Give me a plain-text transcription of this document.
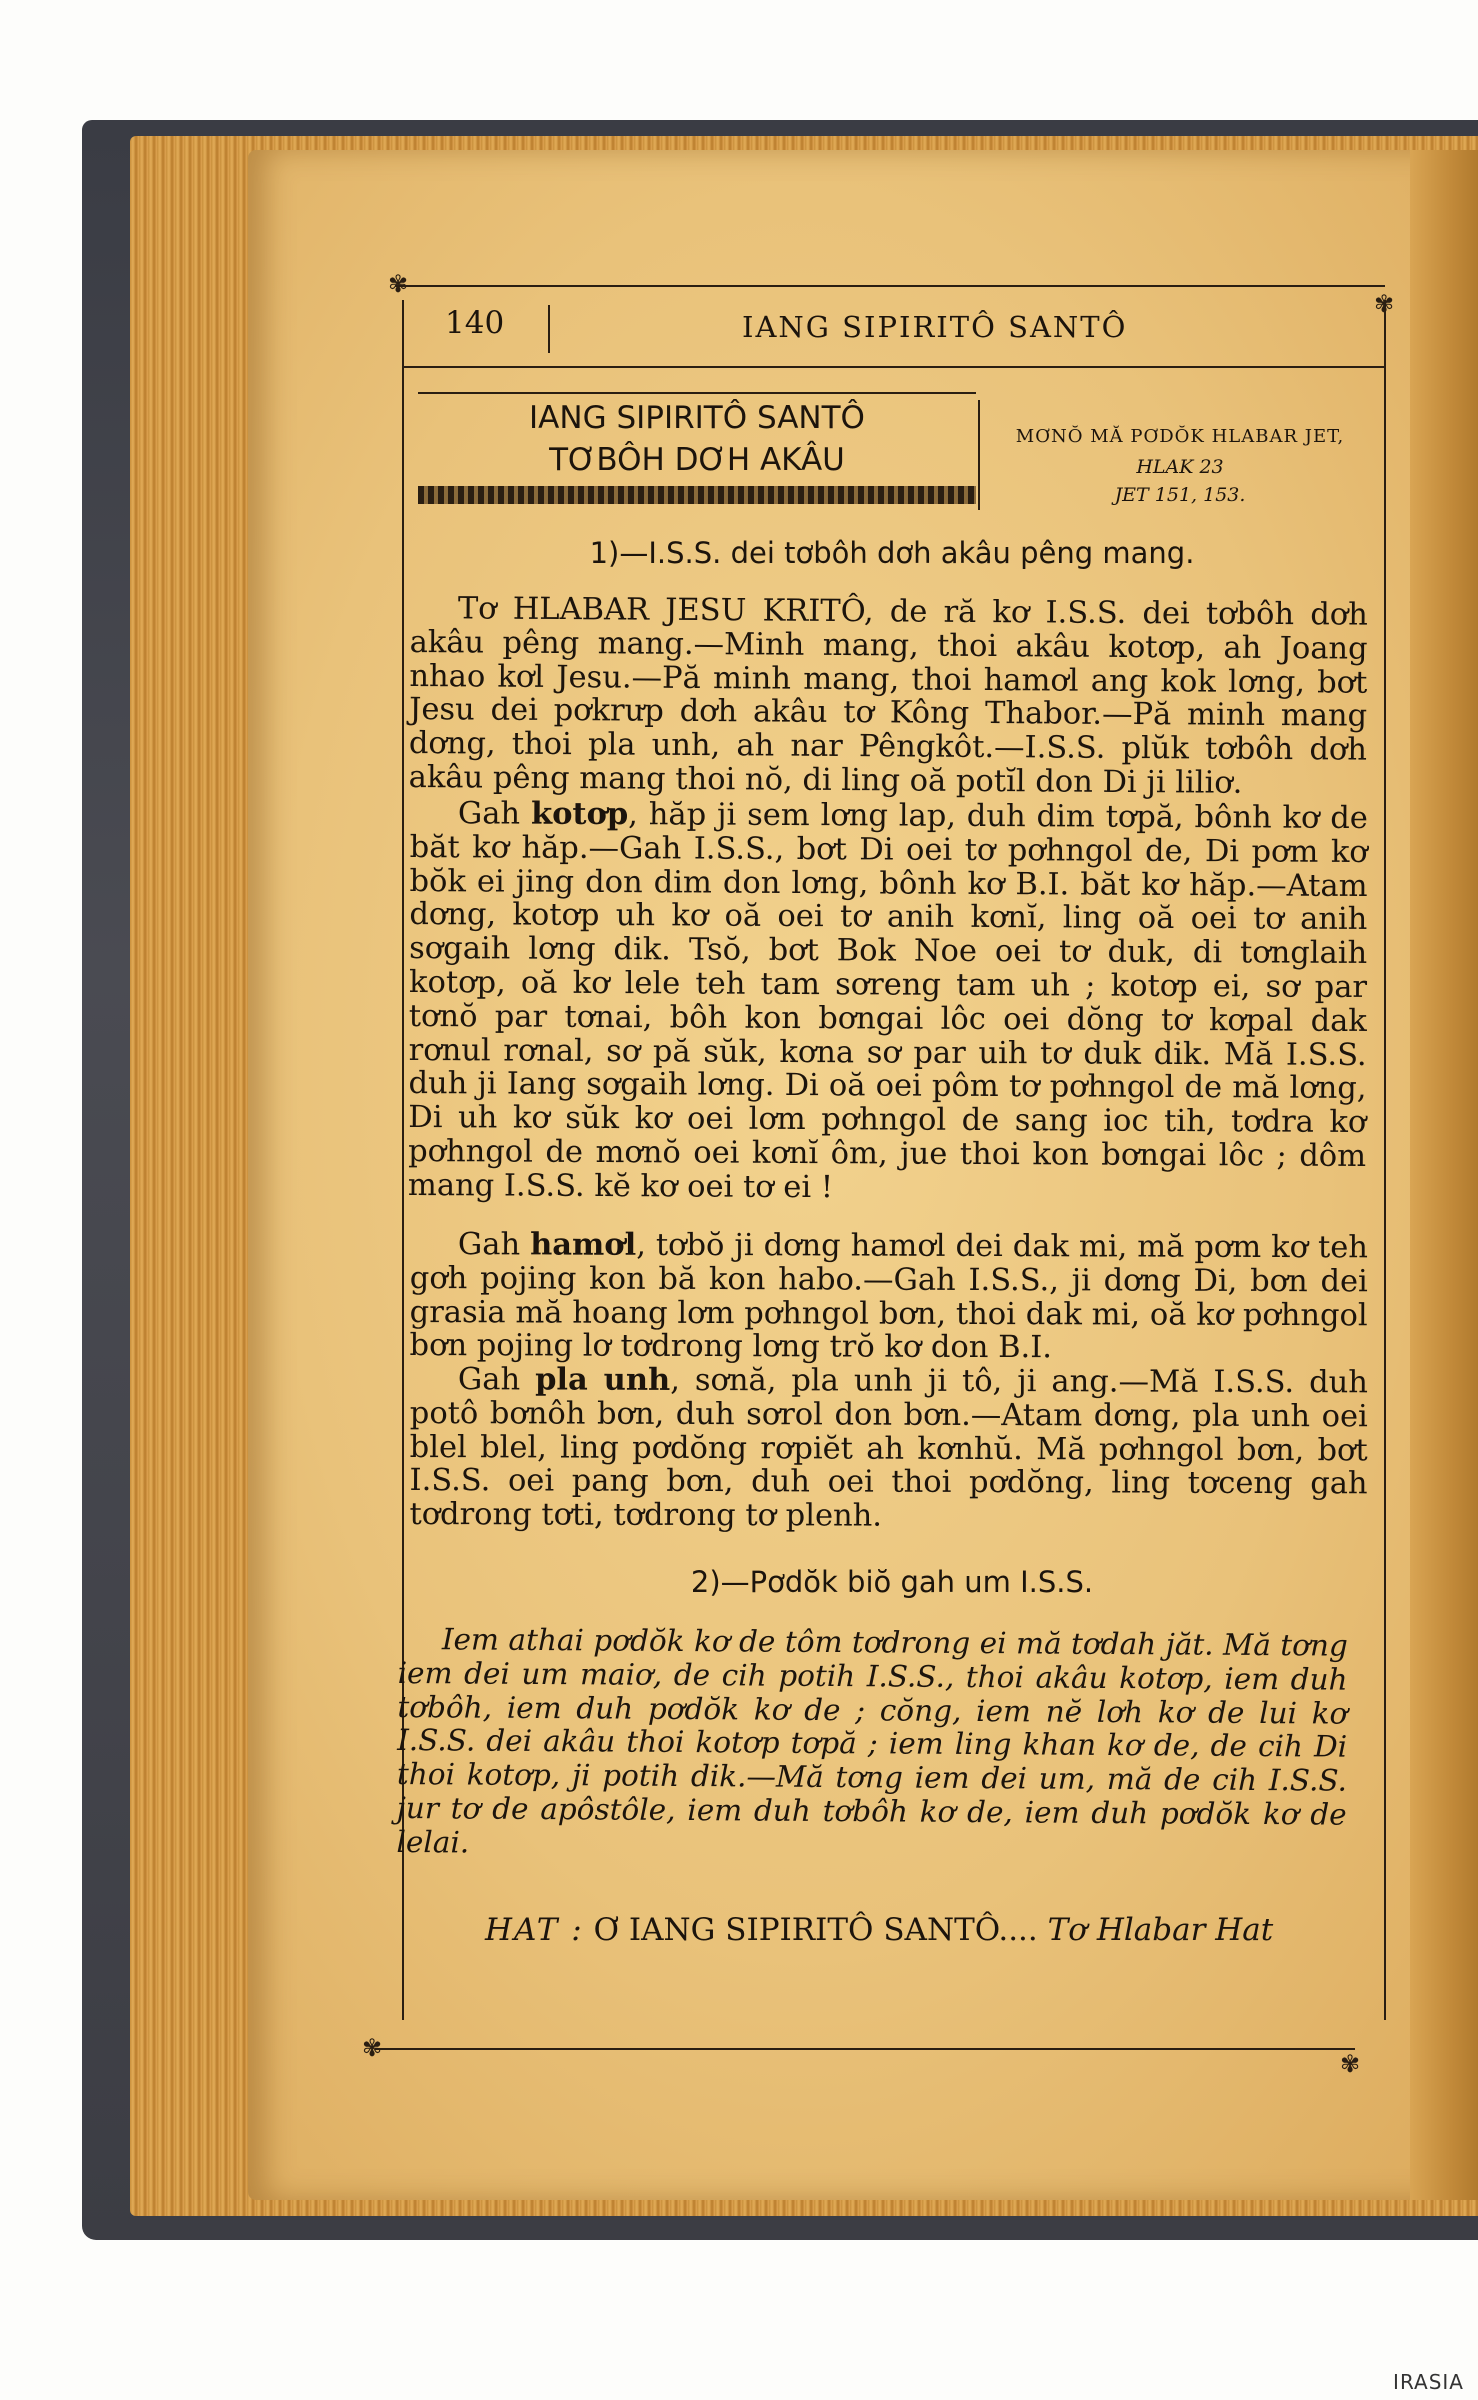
✾
✾
✾
✾
140	IANG SIPIRITÔ SANTÔ
IANG SIPIRITÔ SANTÔ
TƠBÔH DƠH AKÂU
MƠNŎ MĂ PƠDŎK HLABAR JET,
HLAK 23
JET 151, 153.
1)—I.S.S. dei tơbôh dơh akâu pêng mang.
Tơ HLABAR JESU KRITÔ, de ră kơ I.S.S. dei tơbôh dơh akâu pêng mang.—Minh mang, thoi akâu kotơp, ah Joang nhao kơl Jesu.—Pă minh mang, thoi hamơl ang kok lơng, bơt Jesu dei pơkrưp dơh akâu tơ Kông Thabor.—Pă minh mang dơng, thoi pla unh, ah nar Pêngkôt.—I.S.S. plŭk tơbôh dơh akâu pêng mang thoi nŏ, di ling oă potĭl don Di ji liliơ.
Gah kotơp, hăp ji sem lơng lap, duh dim tơpă, bônh kơ de băt kơ hăp.—Gah I.S.S., bơt Di oei tơ pơhngol de, Di pơm kơ bŏk ei jing don dim don lơng, bônh kơ B.I. băt kơ hăp.—Atam dơng, kotơp uh kơ oă oei tơ anih kơnĭ, ling oă oei tơ anih sơgaih lơng dik. Tsŏ, bơt Bok Noe oei tơ duk, di tơnglaih kotơp, oă kơ lele teh tam sơreng tam uh ; kotơp ei, sơ par tơnŏ par tơnai, bôh kon bơngai lôc oei dŏng tơ kơpal dak rơnul rơnal, sơ pă sŭk, kơna sơ par uih tơ duk dik. Mă I.S.S. duh ji Iang sơgaih lơng. Di oă oei pôm tơ pơhngol de mă lơng, Di uh kơ sŭk kơ oei lơm pơhngol de sang ioc tih, tơdra kơ pơhngol de mơnŏ oei kơnĭ ôm, jue thoi kon bơngai lôc ; dôm mang I.S.S. kĕ kơ oei tơ ei !
Gah hamơl, tơbŏ ji dơng hamơl dei dak mi, mă pơm kơ teh gơh pojing kon bă kon habo.—Gah I.S.S., ji dơng Di, bơn dei grasia mă hoang lơm pơhngol bơn, thoi dak mi, oă kơ pơhngol bơn pojing lơ tơdrong lơng trŏ kơ don B.I.
Gah pla unh, sơnă, pla unh ji tô, ji ang.—Mă I.S.S. duh potô bơnôh bơn, duh sơrol don bơn.—Atam dơng, pla unh oei blel blel, ling pơdŏng rơpiĕt ah kơnhŭ. Mă pơhngol bơn, bơt I.S.S. oei pang bơn, duh oei thoi pơdŏng, ling tơceng gah tơdrong tơti, tơdrong tơ plenh.
2)—Pơdŏk biŏ gah um I.S.S.
Iem athai pơdŏk kơ de tôm tơdrong ei mă tơdah jăt. Mă tơng iem dei um maiơ, de cih potih I.S.S., thoi akâu kotơp, iem duh tơbôh, iem duh pơdŏk kơ de ; cŏng, iem nĕ lơh kơ de lui kơ I.S.S. dei akâu thoi kotơp tơpă ; iem ling khan kơ de, de cih Di thoi kotơp, ji potih dik.—Mă tơng iem dei um, mă de cih I.S.S. jur tơ de apôstôle, iem duh tơbôh kơ de, iem duh pơdŏk kơ de lelai.
HAT : Ơ IANG SIPIRITÔ SANTÔ.... Tơ Hlabar Hat
IRASIA
